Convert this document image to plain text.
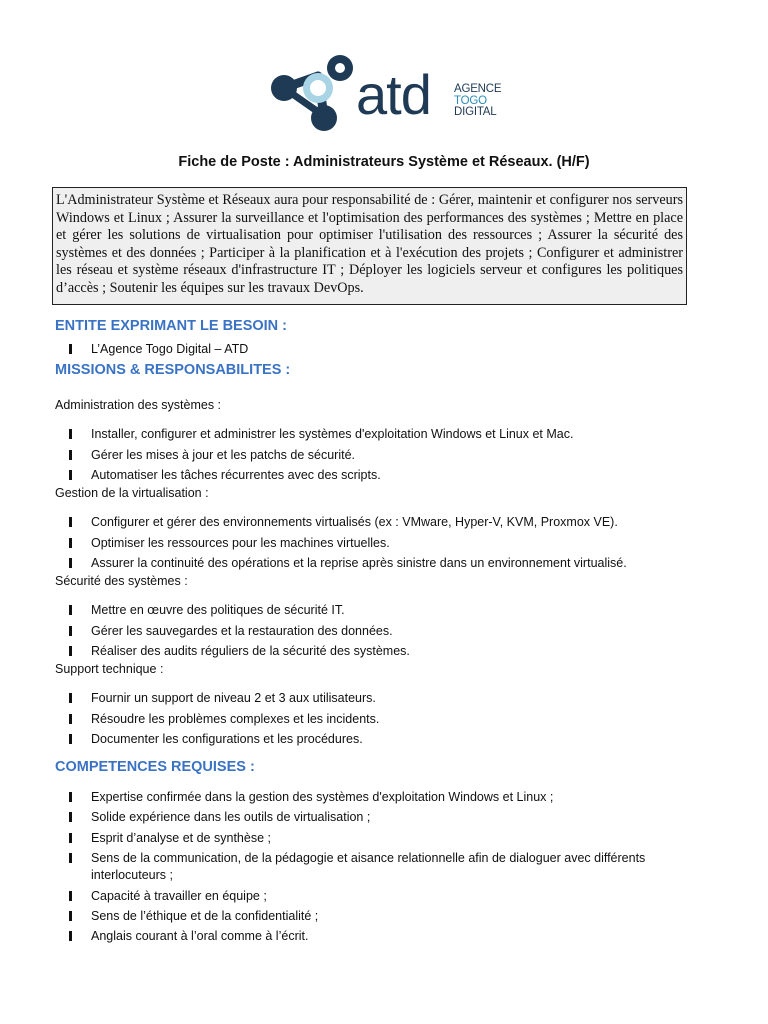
atd AGENCE
TOGO
DIGITAL
Fiche de Poste : Administrateurs Système et Réseaux. (H/F)

L'Administrateur Système et Réseaux aura pour responsabilité de : Gérer, maintenir et configurer nos serveurs Windows et Linux ; Assurer la surveillance et l'optimisation des performances des systèmes ; Mettre en place et gérer les solutions de virtualisation pour optimiser l'utilisation des ressources ; Assurer la sécurité des systèmes et des données ; Participer à la planification et à l'exécution des projets ; Configurer et administrer les réseau et système réseaux d'infrastructure IT ; Déployer les logiciels serveur et configures les politiques d’accès ; Soutenir les équipes sur les travaux DevOps.

ENTITE EXPRIMANT LE BESOIN :
L’Agence Togo Digital – ATD
MISSIONS & RESPONSABILITES :
Administration des systèmes :
Installer, configurer et administrer les systèmes d'exploitation Windows et Linux et Mac.
Gérer les mises à jour et les patchs de sécurité.
Automatiser les tâches récurrentes avec des scripts.
Gestion de la virtualisation :
Configurer et gérer des environnements virtualisés (ex : VMware, Hyper-V, KVM, Proxmox VE).
Optimiser les ressources pour les machines virtuelles.
Assurer la continuité des opérations et la reprise après sinistre dans un environnement virtualisé.
Sécurité des systèmes :
Mettre en œuvre des politiques de sécurité IT.
Gérer les sauvegardes et la restauration des données.
Réaliser des audits réguliers de la sécurité des systèmes.
Support technique :
Fournir un support de niveau 2 et 3 aux utilisateurs.
Résoudre les problèmes complexes et les incidents.
Documenter les configurations et les procédures.
COMPETENCES REQUISES :
Expertise confirmée dans la gestion des systèmes d'exploitation Windows et Linux ;
Solide expérience dans les outils de virtualisation ;
Esprit d’analyse et de synthèse ;
Sens de la communication, de la pédagogie et aisance relationnelle afin de dialoguer avec différents interlocuteurs ;
Capacité à travailler en équipe ;
Sens de l’éthique et de la confidentialité ;
Anglais courant à l’oral comme à l’écrit.
